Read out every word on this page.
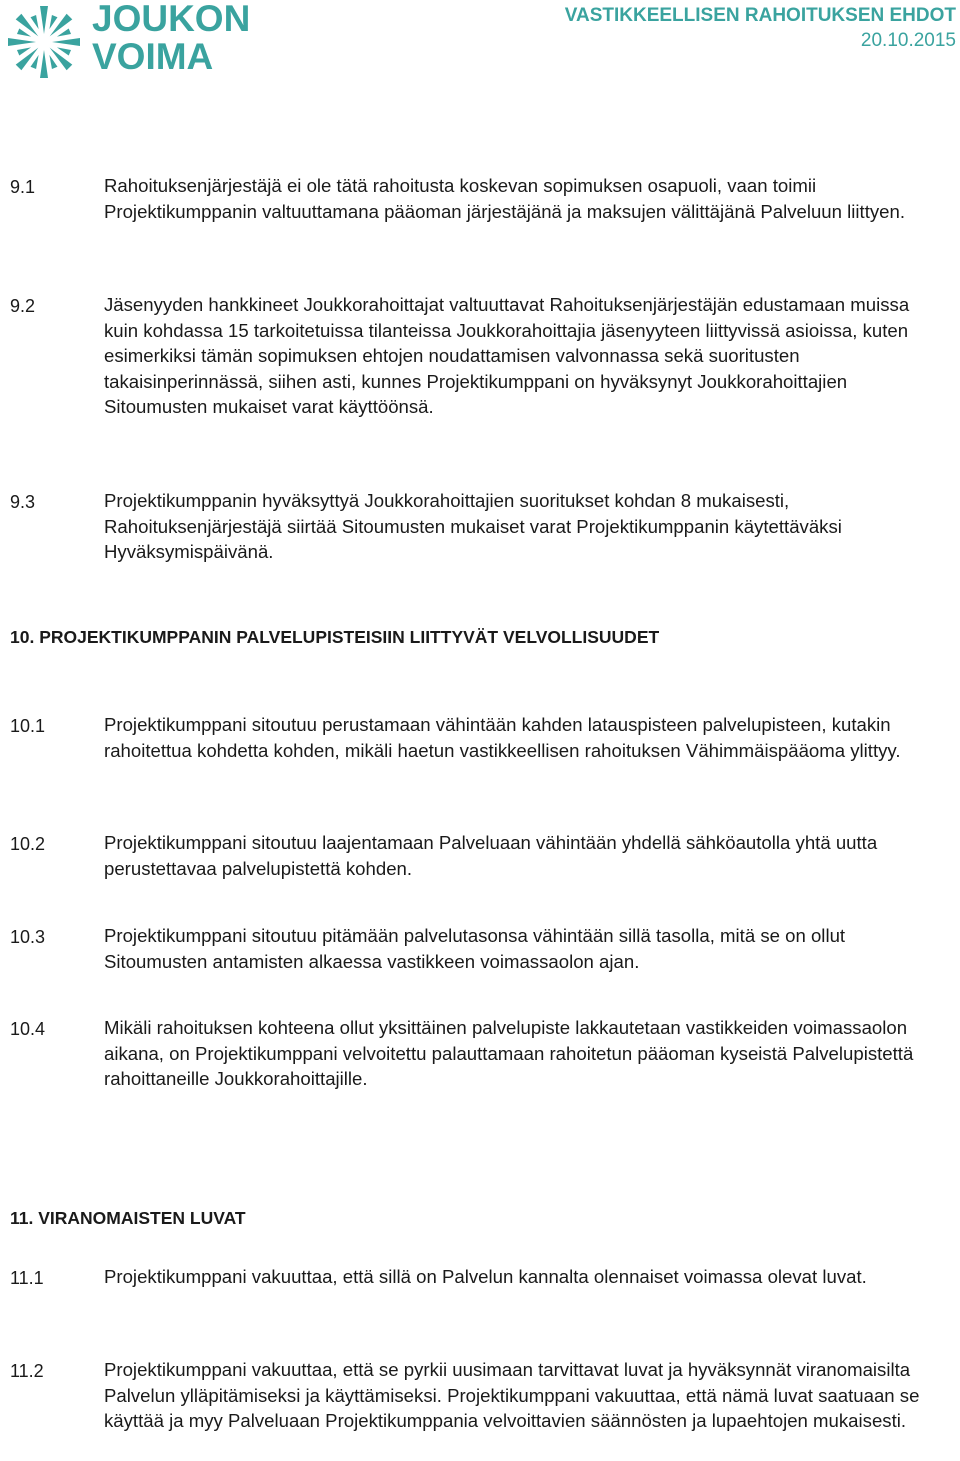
JOUKON
VOIMA
VASTIKKEELLISEN RAHOITUKSEN EHDOT
20.10.2015
9.1	Rahoituksenjärjestäjä ei ole tätä rahoitusta koskevan sopimuksen osapuoli, vaan toimii Projektikumppanin valtuuttamana pääoman järjestäjänä ja maksujen välittäjänä Palveluun liittyen.
9.2	Jäsenyyden hankkineet Joukkorahoittajat valtuuttavat Rahoituksenjärjestäjän edustamaan muissa kuin kohdassa 15 tarkoitetuissa tilanteissa Joukkorahoittajia jäsenyyteen liittyvissä asioissa, kuten esimerkiksi tämän sopimuksen ehtojen noudattamisen valvonnassa sekä suoritusten takaisinperinnässä, siihen asti, kunnes Projektikumppani on hyväksynyt Joukkorahoittajien Sitoumusten mukaiset varat käyttöönsä.
9.3	Projektikumppanin hyväksyttyä Joukkorahoittajien suoritukset kohdan 8 mukaisesti, Rahoituksenjärjestäjä siirtää Sitoumusten mukaiset varat Projektikumppanin käytettäväksi Hyväksymispäivänä.
10. PROJEKTIKUMPPANIN PALVELUPISTEISIIN LIITTYVÄT VELVOLLISUUDET
10.1	Projektikumppani sitoutuu perustamaan vähintään kahden latauspisteen palvelupisteen, kutakin rahoitettua kohdetta kohden, mikäli haetun vastikkeellisen rahoituksen Vähimmäispääoma ylittyy.
10.2	Projektikumppani sitoutuu laajentamaan Palveluaan vähintään yhdellä sähköautolla yhtä uutta perustettavaa palvelupistettä kohden.
10.3	Projektikumppani sitoutuu pitämään palvelutasonsa vähintään sillä tasolla, mitä se on ollut Sitoumusten antamisten alkaessa vastikkeen voimassaolon ajan.
10.4	Mikäli rahoituksen kohteena ollut yksittäinen palvelupiste lakkautetaan vastikkeiden voimassaolon aikana, on Projektikumppani velvoitettu palauttamaan rahoitetun pääoman kyseistä Palvelupistettä rahoittaneille Joukkorahoittajille.
11. VIRANOMAISTEN LUVAT
11.1	Projektikumppani vakuuttaa, että sillä on Palvelun kannalta olennaiset voimassa olevat luvat.
11.2	Projektikumppani vakuuttaa, että se pyrkii uusimaan tarvittavat luvat ja hyväksynnät viranomaisilta Palvelun ylläpitämiseksi ja käyttämiseksi. Projektikumppani vakuuttaa, että nämä luvat saatuaan se käyttää ja myy Palveluaan Projektikumppania velvoittavien säännösten ja lupaehtojen mukaisesti.
